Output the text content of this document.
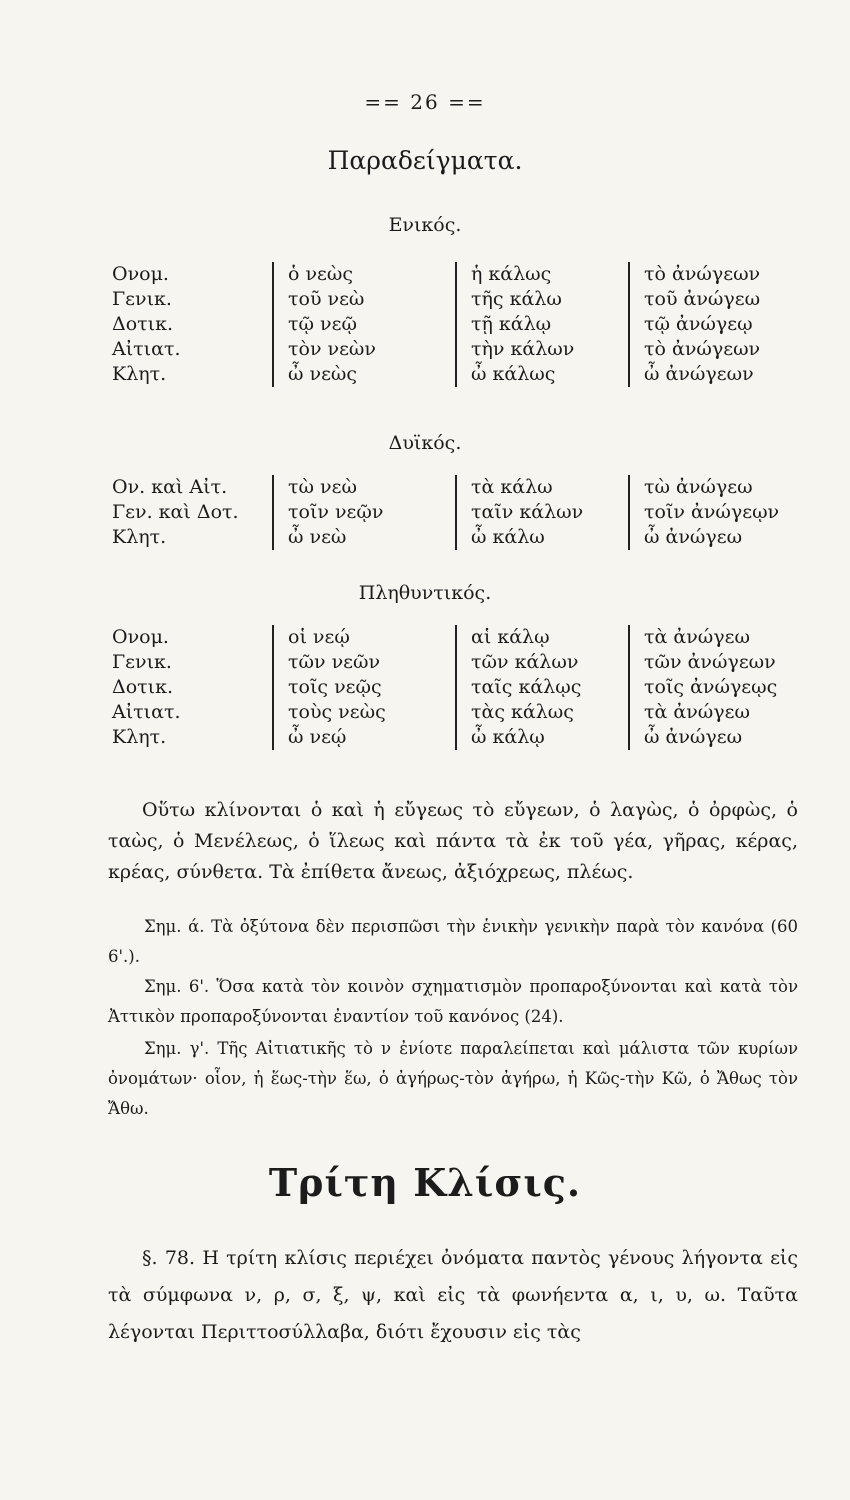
== 26 ==
Παραδείγματα.
Ενικός.
Ονομ.
Γενικ.
Δοτικ.
Αἰτιατ.
Κλητ.
ὁ νεὼς
τοῦ νεὼ
τῷ νεῷ
τὸν νεὼν
ὦ νεὼς
ἡ κάλως
τῆς κάλω
τῇ κάλῳ
τὴν κάλων
ὦ κάλως
τὸ ἀνώγεων
τοῦ ἀνώγεω
τῷ ἀνώγεῳ
τὸ ἀνώγεων
ὦ ἀνώγεων
Δυϊκός.
Ον. καὶ Αἰτ.
Γεν. καὶ Δοτ.
Κλητ.
τὼ νεὼ
τοῖν νεῷν
ὦ νεὼ
τὰ κάλω
ταῖν κάλων
ὦ κάλω
τὼ ἀνώγεω
τοῖν ἀνώγεῳν
ὦ ἀνώγεω
Πληθυντικός.
Ονομ.
Γενικ.
Δοτικ.
Αἰτιατ.
Κλητ.
οἱ νεῴ
τῶν νεῶν
τοῖς νεῷς
τοὺς νεὼς
ὦ νεῴ
αἱ κάλῳ
τῶν κάλων
ταῖς κάλῳς
τὰς κάλως
ὦ κάλῳ
τὰ ἀνώγεω
τῶν ἀνώγεων
τοῖς ἀνώγεῳς
τὰ ἀνώγεω
ὦ ἀνώγεω
Οὕτω κλίνονται ὁ καὶ ἡ εὔγεως τὸ εὔγεων, ὁ λαγὼς, ὁ ὀρφὼς, ὁ ταὼς, ὁ Μενέλεως, ὁ ἵλεως καὶ πάντα τὰ ἐκ τοῦ γέα, γῆρας, κέρας, κρέας, σύνθετα. Τὰ ἐπίθετα ἄνεως, ἀξιόχρεως, πλέως.
Σημ. ά. Τὰ ὀξύτονα δὲν περισπῶσι τὴν ἑνικὴν γενικὴν παρὰ τὸν κανόνα (60 6'.).
Σημ. 6'. Ὅσα κατὰ τὸν κοινὸν σχηματισμὸν προπαροξύνονται καὶ κατὰ τὸν Ἀττικὸν προπαροξύνονται ἐναντίον τοῦ κανόνος (24).
Σημ. γ'. Τῆς Αἰτιατικῆς τὸ ν ἐνίοτε παραλείπεται καὶ μάλιστα τῶν κυρίων ὀνομάτων· οἷον, ἡ ἕως-τὴν ἕω, ὁ ἀγήρως-τὸν ἀγήρω, ἡ Κῶς-τὴν Κῶ, ὁ Ἄθως τὸν Ἄθω.
Τρίτη Κλίσις.
§. 78. Η τρίτη κλίσις περιέχει ὀνόματα παντὸς γένους λήγοντα εἰς τὰ σύμφωνα ν, ρ, σ, ξ, ψ, καὶ εἰς τὰ φωνήεντα α, ι, υ, ω. Ταῦτα λέγονται Περιττοσύλλαβα, διότι ἔχουσιν εἰς τὰς
